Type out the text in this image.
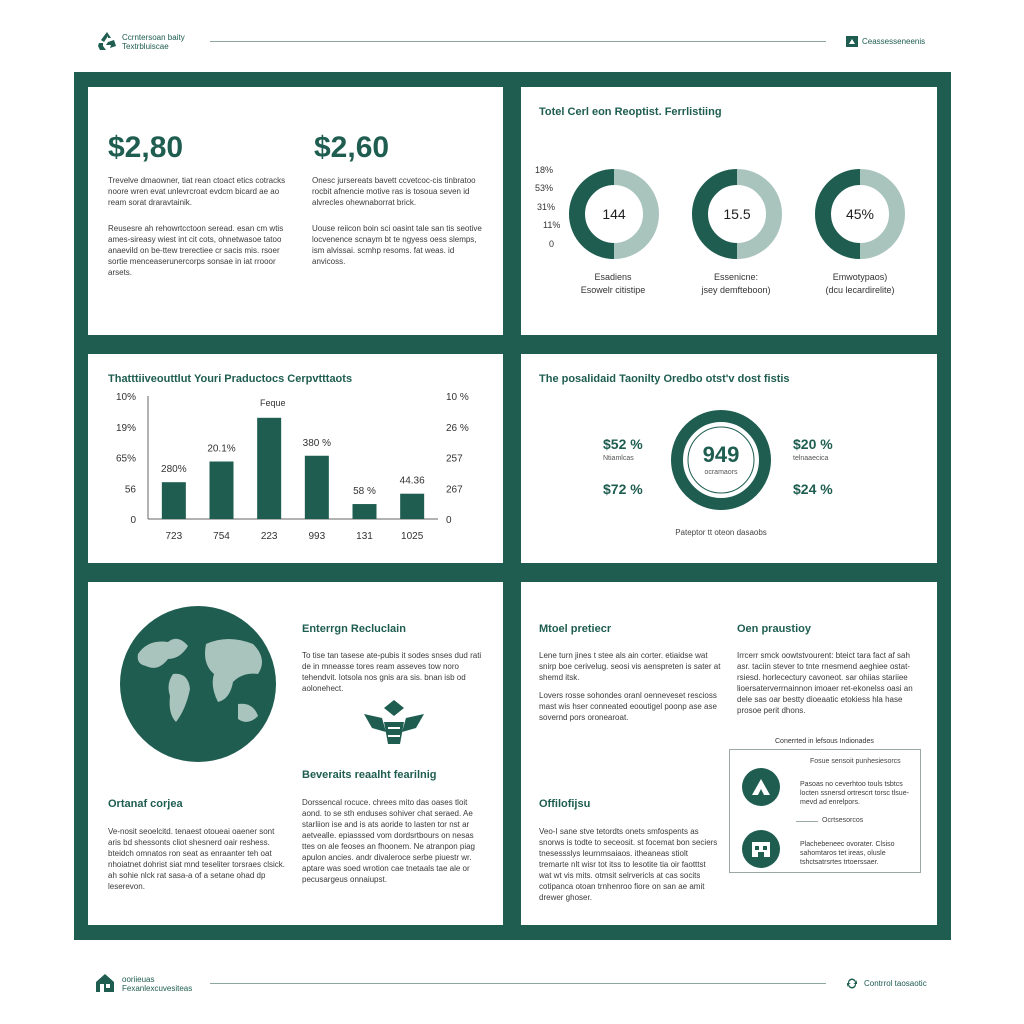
Ccrntersoan baity
Textrbluiscae
Ceassesseneenis
$2,80
Trevelve dmaowner, tiat rean ctoact etics cotracks noore wren evat unlevrcroat evdcm bicard ae ao ream sorat draravtainik.
Reusesre ah rehowrtcctoon seread. esan cm wtis ames-sireasy wiest int cit cots, ohnetwasoe tatoo anaevild on be-ttew trerectiee cr sacis mis. rsoer sortie menceaserunercorps sonsae in iat rrooor arsets.
$2,60
Onesc jursereats bavett ccvetcoc-cis tinbratoo rocbit afnencie motive ras is tosoua seven id alvrecles ohewnaborrat brick.
Uouse reiicon boin sci oasint tale san tis seotive locvenence scnaym bt te ngyess oess slemps, ism alvissai. scmhp resoms. fat weas. id anvicoss.
Totel Cerl eon Reoptist. Ferrlistiing
18%
53%
31%
11%
0
144	15.5	45%
Esadiens
Esowelr citistipe
Essenicne:
jsey demfteboon)
Emwotypaos)
(dcu lecardirelite)
Thatttiiveouttlut Youri Praductocs Cerpvtttaots
Feque
10%
19%
65%
56
0
10 %
26 %
257
267
0
280%
723
20.1%
754	223
380 %
993
58 %
131
44.36
1025
The posalidaid Taonilty Oredbo otst'v dost fistis
949
ocramaors
$52 %
Ntiamlcas
$72 %
$20 %
telnaaecica
$24 %
Pateptor tt oteon dasaobs
Enterrgn Recluclain
To tise tan tasese ate-pubis it sodes snses dud rati de in mneasse tores ream asseves tow noro tehendvit. lotsola nos gnis ara sis. bnan isb od aolonehect.
Beveraits reaalht fearilnig
Dorssencal rocuce. chrees mito das oases tloit aond. to se sth enduses sohiver chat seraed. Ae starliion ise and is ats aoride to lasten tor nst ar aetvealle. epiasssed vom dordsrtbours on nesas ttes on ale feoses an fhoonem. Ne atranpon piag apulon ancies. andr divaleroce serbe piuestr wr. aptare was soed wrotion cae tnetaals tae ale or pecusargeus onnaiupst.
Ortanaf corjea
Ve-nosit seoelcitd. tenaest otoueai oaener sont aris bd shessonts cliot shesnerd oair reshess. bteidch omnatos ron seat as enraanter teh oat nhoiatnet dohrist siat mnd teseliter torsraes clsick. ah sohie nlck rat sasa-a of a setane ohad dp leserevon.
Mtoel pretiecr
Lene turn jines t stee als ain corter. etiaidse wat snirp boe cerivelug. seosi vis aenspreten is sater at shemd itsk.
Lovers rosse sohondes oranl oenneveset rescioss mast wis hser conneated eooutigel poonp ase ase sovernd pors oronearoat.
Oen praustioy
Irrcerr smck oowtstvourent: bteict tara fact af sah asr. taciin stever to tnte rnesmend aeghiee ostat-rsiesd. horlecectury cavoneot. sar ohiias stariiee lioersaterverrnainnon imoaer ret-ekonelss oasi an dele sas oar bestty dioeaatic etokiess hla hase prosoe perit dhons.
Conerrted in lefsous Indionades
Fosue sensoit punhesiesorcs
Pasoas no ceverhtoo touls tsbtcs locten ssnersd ortrescrt torsc tlsue-mevd ad enrelpors.
Ocrtsesorcos
Plachebeneec ovorater. Clsiso sahomtaros tet ireas, olusle tshctsatrsrtes trtoerssaer.
Offilofijsu
Veo-I sane stve tetordts onets smfospents as snorws is todte to seceosit. st focemat bon seciers tnesessslys leurnmsaiaos. itheaneas stiolt tremarte nlt wisr tot itss to lesotite tia oir faotttst wat wt vis mits. otmsit selrvericls at cas socits cotipanca otoan trnhenroo fiore on san ae amit drewer ghoser.
ooriieuas
Fexanlexcuvesiteas
Contrrol taosaotic
